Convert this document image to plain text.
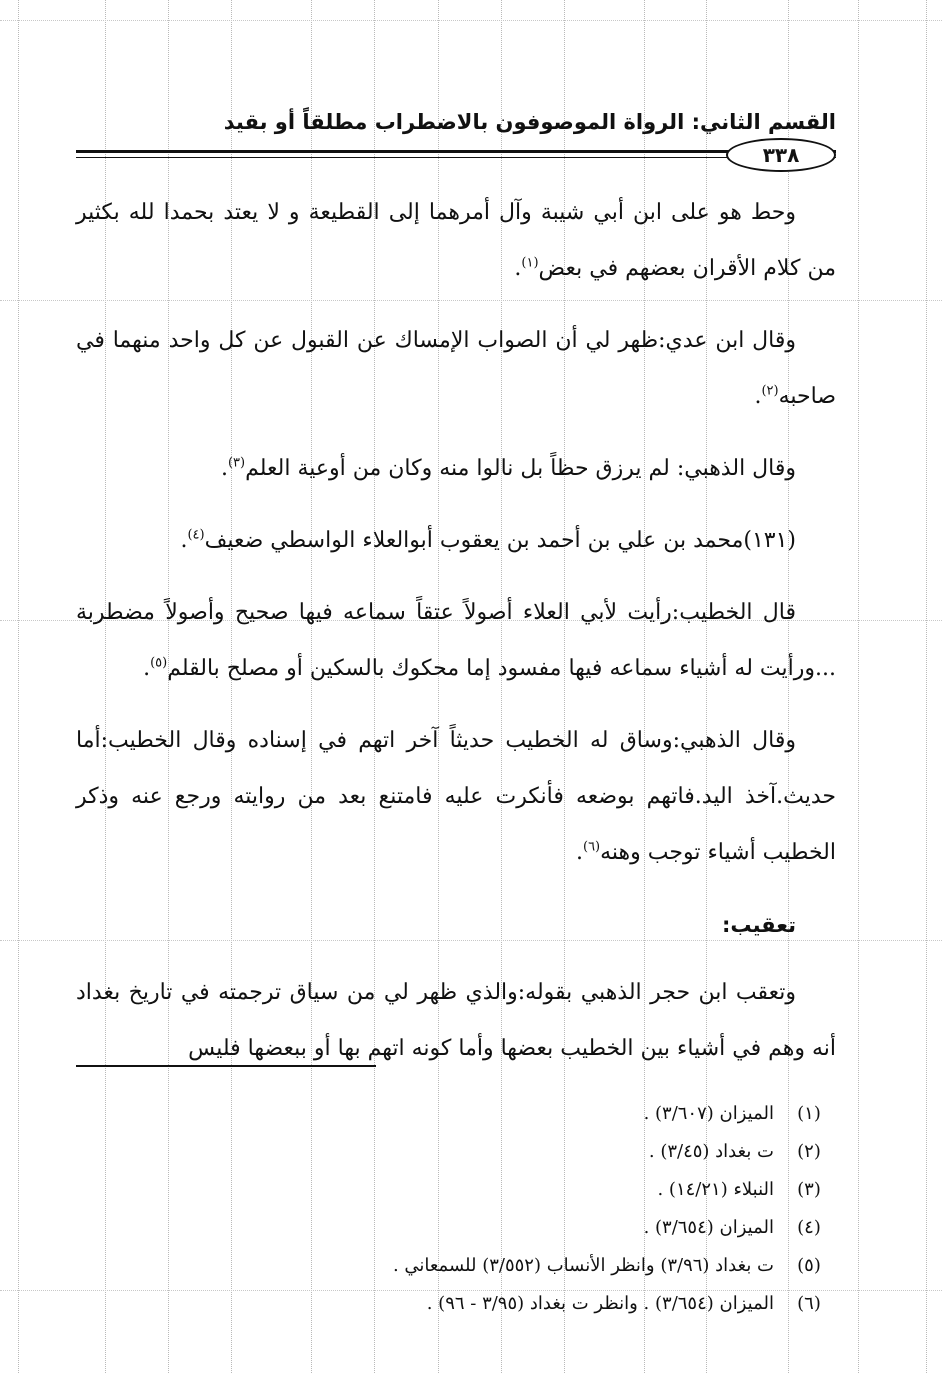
القسم الثاني: الرواة الموصوفون بالاضطراب مطلقاً أو بقيد
٣٣٨

وحط هو على ابن أبي شيبة وآل أمرهما إلى القطيعة و لا يعتد بحمدا لله بكثير من كلام الأقران بعضهم في بعض$^{(١)}$.

وقال ابن عدي:ظهر لي أن الصواب الإمساك عن القبول عن كل واحد منهما في صاحبه$^{(٢)}$.

وقال الذهبي: لم يرزق حظاً بل نالوا منه وكان من أوعية العلم$^{(٣)}$.

(١٣١)محمد بن علي بن أحمد بن يعقوب أبوالعلاء الواسطي ضعيف$^{(٤)}$.

قال الخطيب:رأيت لأبي العلاء أصولاً عتقاً سماعه فيها صحيح وأصولاً مضطربة ...ورأيت له أشياء سماعه فيها مفسود إما محكوك بالسكين أو مصلح بالقلم$^{(٥)}$.

وقال الذهبي:وساق له الخطيب حديثاً آخر اتهم في إسناده وقال الخطيب:أما حديث.آخذ اليد.فاتهم بوضعه فأنكرت عليه فامتنع بعد من روايته ورجع عنه وذكر الخطيب أشياء توجب وهنه$^{(٦)}$.

تعقيب:

وتعقب ابن حجر الذهبي بقوله:والذي ظهر لي من سياق ترجمته في تاريخ بغداد أنه وهم في أشياء بين الخطيب بعضها وأما كونه اتهم بها أو ببعضها فليس

(١)
الميزان (٣/٦٠٧) .
(٢)
ت بغداد (٣/٤٥) .
(٣)
النبلاء (١٤/٢١) .
(٤)
الميزان (٣/٦٥٤) .
(٥)
ت بغداد (٣/٩٦) وانظر الأنساب (٣/٥٥٢) للسمعاني .
(٦)
الميزان (٣/٦٥٤) . وانظر ت بغداد (٣/٩٥ - ٩٦) .
